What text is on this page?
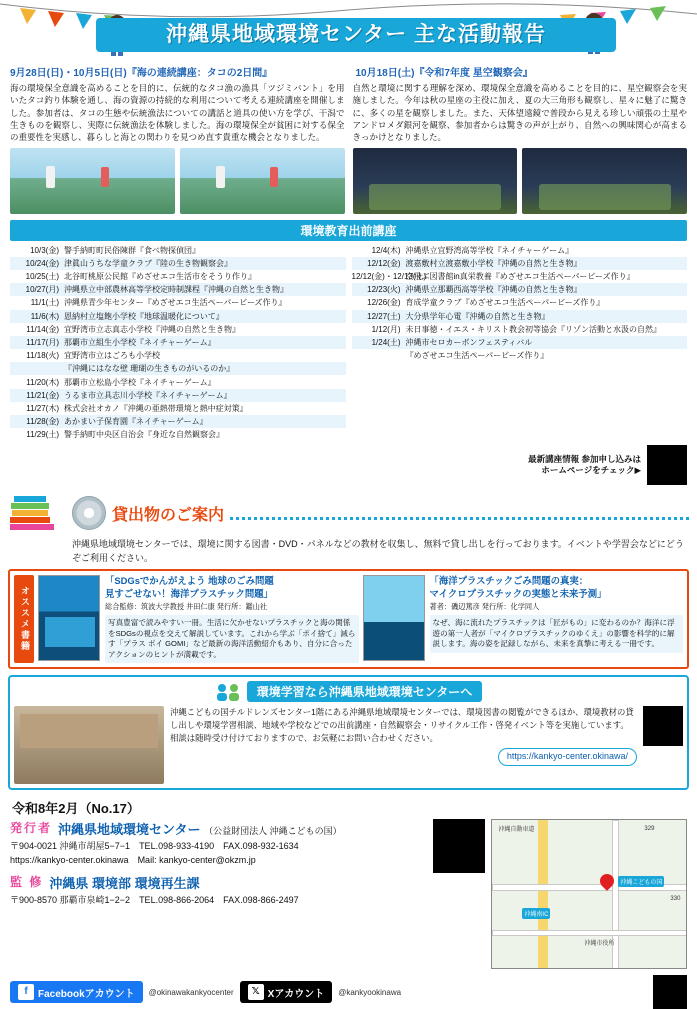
沖縄県地域環境センター 主な活動報告
9月28日(日)・10月5日(日)『海の連続講座：タコの2日間』	10月18日(土)『令和7年度 星空観察会』

海の環境保全意識を高めることを目的に、伝統的なタコ漁の漁具「ツジミバント」を用いたタコ釣り体験を通し、海の資源の持続的な利用について考える連続講座を開催しました。参加者は、タコの生態や伝統漁法についての講話と道具の使い方を学び、干潟で生きものを観察し、実際に伝統漁法を体験しました。海の環境保全が貧困に対する保全の重要性を実感し、暮らしと海との関わりを見つめ直す貴重な機会となりました。

自然と環境に関する理解を深め、環境保全意識を高めることを目的に、星空観察会を実施しました。今年は秋の星座の主役に加え、夏の大三角形も観察し、星々に魅了に驚きに、多くの星を観察しました。また、天体望遠鏡で普段から見える珍しい頑張の土星やアンドロメダ銀河を観察、参加者からは驚きの声が上がり、自然への興味関心が高まるきっかけとなりました。

環境教育出前講座
10/3(金) 警手納町町民俗陳群『食べ物探偵団』
10/24(金) 津眞山うちな学童クラブ『陸の生き物観察会』
10/25(土) 北谷町桃原公民館『めざせエコ生活市をそうり作り』
10/27(月) 沖縄県立中部農林高等学校定時制課程『沖縄の自然と生き物』
11/1(土) 沖縄県青少年センター『めざせエコ生活ペーパービーズ作り』
11/6(木) 恩納村立塩飽小学校『地球温暖化について』
11/14(金) 宜野湾市立志真志小学校『沖縄の自然と生き物』
11/17(月) 那覇市立組生小学校『ネイチャーゲーム』
11/18(火) 宜野湾市立はごろも小学校
『沖縄にはなな壁 珊瑚の生きものがいるのか』
11/20(木) 那覇市立松島小学校『ネイチャーゲーム』
11/21(金) うるま市立具志川小学校『ネイチャーゲーム』
11/27(木) 株式会社オカノ『沖縄の亜熱帯環境と熱中症対策』
11/28(金) あかまい子保育園『ネイチャーゲーム』
11/29(土) 警手納町中央区自治会『身近な自然観察会』
12/4(木) 沖縄県立宜野湾高等学校『ネイチャーゲーム』
12/12(金) 渡嘉敷村立渡嘉敷小学校『沖縄の自然と生き物』
12/12(金)・12/13(土)
空飛ぶ図書館in真栄教養『めざせエコ生活ペーパービーズ作り』
12/23(火) 沖縄県立那覇西高等学校『沖縄の自然と生き物』
12/26(金) 育成学童クラブ『めざせエコ生活ペーパービーズ作り』
12/27(土) 大分県学年心電『沖縄の自然と生き物』
1/12(月) 未日事徳・イエス・キリスト教会初等協会『リゾン活動と水汲の自然』
1/24(土) 沖縄市セロカーボンフェスティバル
『めざせエコ生活ペーパービーズ作り』
最新講座情報 参加申し込みは
ホームページをチェック▶
貸出物のご案内
沖縄県地域環境センターでは、環境に関する図書・DVD・パネルなどの教材を収集し、無料で貸し出しを行っております。イベントや学習会などにどうぞご利用ください。
オススメ書籍
「SDGsでかんがえよう 地球のごみ問題
見すごせない！海洋プラスチック問題」
総合監修：筑波大学教授 井田仁康 発行所：鑑山社
写真豊富で読みやすい一冊。生活に欠かせないプラスチックと海の関係をSDGsの視点を交えて解説しています。これから学ぶ「ポイ捨て」減らす「プラス ポイ GOMI」など最新の海洋活動紹介もあり、自分に合ったアクションのヒントが満載です。
「海洋プラスチックごみ問題の真実：
マイクロプラスチックの実態と未来予測」
著者：磯辺篤彦 発行所：化学同人
なぜ、海に流れたプラスチックは「匠がもの」に変わるのか？海洋に浮遊の第一人者が「マイクロプラスチックのゆくえ」の影響を科学的に解説します。海の姿を記録しながら、未来を真摯に考える一冊です。
環境学習なら沖縄県地域環境センターへ
沖縄こどもの国チルドレンズセンター1階にある沖縄県地域環境センターでは、環境図書の閲覧ができるほか、環境教材の貸し出しや環境学習相談、地域や学校などでの出前講座・自然観察会・リサイクル工作・啓発イベント等を実施しています。相談は随時受け付けておりますので、お気軽にお問い合わせください。
https://kankyo-center.okinawa/
令和8年2月（No.17）
発行者 沖縄県地域環境センター （公益財団法人 沖縄こどもの国）
〒904-0021 沖縄市胡屋5−7−1　TEL.098-933-4190　FAX.098-932-1634
https://kankyo-center.okinawa　Mail: kankyo-center@okzm.jp
監 修 沖縄県 環境部 環境再生課
〒900-8570 那覇市泉崎1−2−2　TEL.098-866-2064　FAX.098-866-2497
沖縄こどもの国
沖縄南IC
329
330
沖縄市役所
沖縄自動車道
f	Facebookアカウント @okinawakankyocenter	𝕏 Xアカウント @kankyookinawa
